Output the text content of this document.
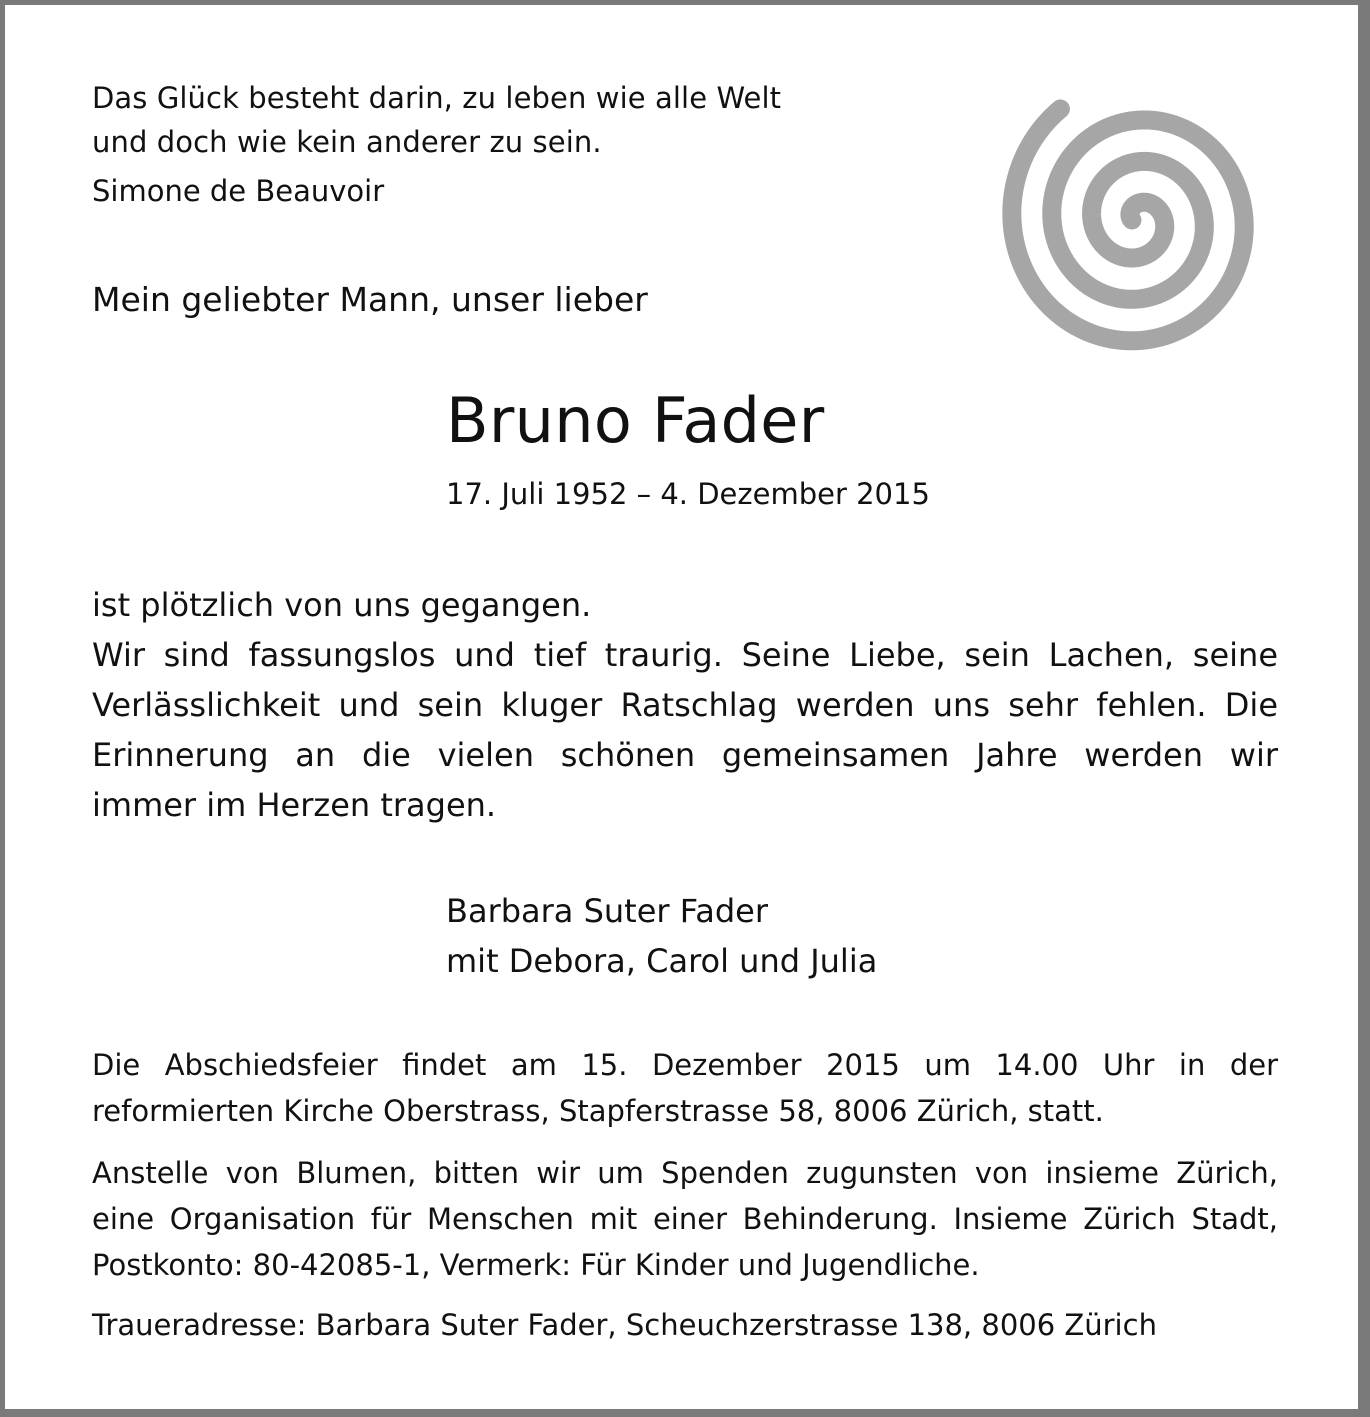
Das Glück besteht darin, zu leben wie alle Welt
und doch wie kein anderer zu sein.
Simone de Beauvoir
Mein geliebter Mann, unser lieber
Bruno Fader
17. Juli 1952 – 4. Dezember 2015
ist plötzlich von uns gegangen.
Wir sind fassungslos und tief traurig. Seine Liebe, sein Lachen, seine
Verlässlichkeit und sein kluger Ratschlag werden uns sehr fehlen. Die
Erinnerung an die vielen schönen gemeinsamen Jahre werden wir
immer im Herzen tragen.
Barbara Suter Fader
mit Debora, Carol und Julia
Die Abschiedsfeier findet am 15. Dezember 2015 um 14.00 Uhr in der
reformierten Kirche Oberstrass, Stapferstrasse 58, 8006 Zürich, statt.
Anstelle von Blumen, bitten wir um Spenden zugunsten von insieme Zürich,
eine Organisation für Menschen mit einer Behinderung. Insieme Zürich Stadt,
Postkonto: 80-42085-1, Vermerk: Für Kinder und Jugendliche.
Traueradresse: Barbara Suter Fader, Scheuchzerstrasse 138, 8006 Zürich
